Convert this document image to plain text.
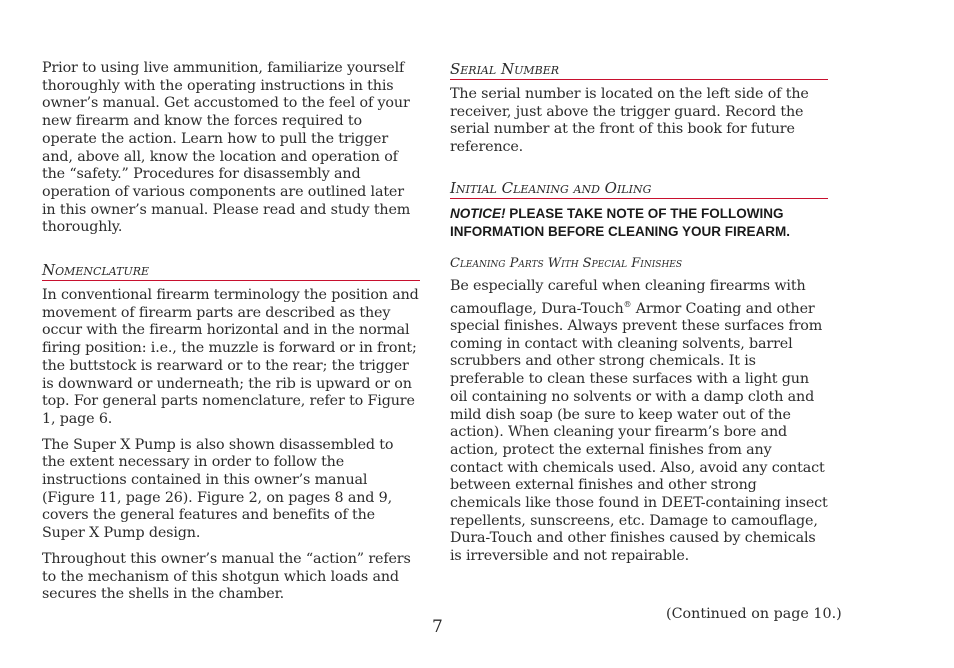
Prior to using live ammunition, familiarize yourself thoroughly with the operating instructions in this owner’s manual. Get accustomed to the feel of your new firearm and know the forces required to operate the action. Learn how to pull the trigger and, above all, know the location and operation of the “safety.” Procedures for disassembly and operation of various components are outlined later in this owner’s manual. Please read and study them thoroughly.

Nomenclature

In conventional firearm terminology the position and movement of firearm parts are described as they occur with the firearm horizontal and in the normal firing position: i.e., the muzzle is forward or in front; the buttstock is rearward or to the rear; the trigger is downward or underneath; the rib is upward or on top. For general parts nomenclature, refer to Figure 1, page 6.

The Super X Pump is also shown disassembled to the extent necessary in order to follow the instructions contained in this owner’s manual (Figure 11, page 26). Figure 2, on pages 8 and 9, covers the general features and benefits of the Super X Pump design.

Throughout this owner’s manual the “action” refers to the mechanism of this shotgun which loads and secures the shells in the chamber.

Serial Number

The serial number is located on the left side of the receiver, just above the trigger guard. Record the serial number at the front of this book for future reference.

Initial Cleaning and Oiling
NOTICE! PLEASE TAKE NOTE OF THE FOLLOWING INFORMATION BEFORE CLEANING YOUR FIREARM.
Cleaning Parts With Special Finishes

Be especially careful when cleaning firearms with camouflage, Dura-Touch® Armor Coating and other special finishes. Always prevent these surfaces from coming in contact with cleaning solvents, barrel scrubbers and other strong chemicals. It is preferable to clean these surfaces with a light gun oil containing no solvents or with a damp cloth and mild dish soap (be sure to keep water out of the action). When cleaning your firearm’s bore and action, protect the external finishes from any contact with chemicals used. Also, avoid any contact between external finishes and other strong chemicals like those found in DEET-containing insect repellents, sunscreens, etc. Damage to camouflage, Dura-Touch and other finishes caused by chemicals is irreversible and not repairable.

(Continued on page 10.)
7
